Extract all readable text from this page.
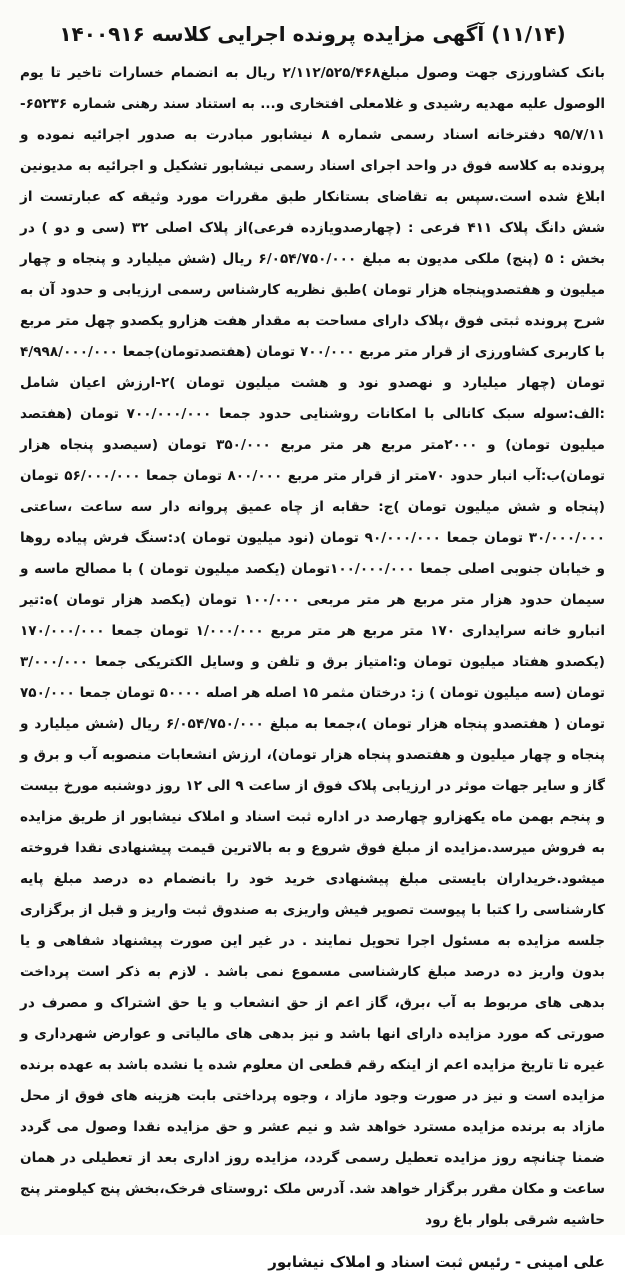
(۱۱/۱۴) آگهی مزایده پرونده اجرایی کلاسه ۱۴۰۰۹۱۶

بانک کشاورزی جهت وصول مبلغ۲/۱۱۲/۵۲۵/۴۶۸ ریال به انضمام خسارات تاخیر تا یوم الوصول علیه مهدیه رشیدی و غلامعلی افتخاری و... به استناد سند رهنی شماره ۶۵۲۳۶- ۹۵/۷/۱۱ دفترخانه اسناد رسمی شماره ۸ نیشابور مبادرت به صدور اجرائیه نموده و پرونده به کلاسه فوق در واحد اجرای اسناد رسمی نیشابور تشکیل و اجرائیه به مدیونین ابلاغ شده است.سپس به تقاضای بستانکار طبق مقررات مورد وثیقه که عبارتست از شش دانگ پلاک ۴۱۱ فرعی : (چهارصدویازده فرعی)از پلاک اصلی ۳۲ (سی و دو ) در بخش : ۵ (پنج) ملکی مدیون به مبلغ ۶/۰۵۴/۷۵۰/۰۰۰ ریال (شش میلیارد و پنجاه و چهار میلیون و هفتصدوپنجاه هزار تومان )طبق نظریه کارشناس رسمی ارزیابی و حدود آن به شرح پرونده ثبتی فوق ،پلاک دارای مساحت به مقدار هفت هزارو یکصدو چهل متر مربع با کاربری کشاورزی از قرار متر مربع ۷۰۰/۰۰۰ تومان (هفتصدتومان)جمعا ۴/۹۹۸/۰۰۰/۰۰۰ تومان (چهار میلیارد و نهصدو نود و هشت میلیون تومان )۲-ارزش اعیان شامل :الف:سوله سبک کانالی با امکانات روشنایی حدود جمعا ۷۰۰/۰۰۰/۰۰۰ تومان (هفتصد میلیون تومان) و ۲۰۰۰متر مربع هر متر مربع ۳۵۰/۰۰۰ تومان (سیصدو پنجاه هزار تومان)ب:آب انبار حدود ۷۰متر از قرار متر مربع ۸۰۰/۰۰۰ تومان جمعا ۵۶/۰۰۰/۰۰۰ تومان (پنجاه و شش میلیون تومان )ج: حقابه از چاه عمیق پروانه دار سه ساعت ،ساعتی ۳۰/۰۰۰/۰۰۰ تومان جمعا ۹۰/۰۰۰/۰۰۰ تومان (نود میلیون تومان )د:سنگ فرش پیاده روها و خیابان جنوبی اصلی جمعا ۱۰۰/۰۰۰/۰۰۰تومان (یکصد میلیون تومان ) با مصالح ماسه و سیمان حدود هزار متر مربع هر متر مربعی ۱۰۰/۰۰۰ تومان (یکصد هزار تومان )ه:تیر انبارو خانه سرایداری ۱۷۰ متر مربع هر متر مربع ۱/۰۰۰/۰۰۰ تومان جمعا ۱۷۰/۰۰۰/۰۰۰ (یکصدو هفتاد میلیون تومان و:امتیاز برق و تلفن و وسایل الکتریکی جمعا ۳/۰۰۰/۰۰۰ تومان (سه میلیون تومان ) ز: درختان مثمر ۱۵ اصله هر اصله ۵۰۰۰۰ تومان جمعا ۷۵۰/۰۰۰ تومان ( هفتصدو پنجاه هزار تومان )،جمعا به مبلغ ۶/۰۵۴/۷۵۰/۰۰۰ ریال (شش میلیارد و پنجاه و چهار میلیون و هفتصدو پنجاه هزار تومان)، ارزش انشعابات منصوبه آب و برق و گاز و سایر جهات موثر در ارزیابی پلاک فوق از ساعت ۹ الی ۱۲ روز دوشنبه مورخ بیست و پنجم بهمن ماه یکهزارو چهارصد در اداره ثبت اسناد و املاک نیشابور از طریق مزایده به فروش میرسد.مزایده از مبلغ فوق شروع و به بالاترین قیمت پیشنهادی نقدا فروخته میشود.خریداران بایستی مبلغ پیشنهادی خرید خود را بانضمام ده درصد مبلغ پایه کارشناسی را کتبا با پیوست تصویر فیش واریزی به صندوق ثبت واریز و قبل از برگزاری جلسه مزایده به مسئول اجرا تحویل نمایند . در غیر این صورت پیشنهاد شفاهی و یا بدون واریز ده درصد مبلغ کارشناسی مسموع نمی باشد . لازم به ذکر است پرداخت بدهی های مربوط به آب ،برق، گاز اعم از حق انشعاب و یا حق اشتراک و مصرف در صورتی که مورد مزایده دارای انها باشد و نیز بدهی های مالیاتی و عوارض شهرداری و غیره تا تاریخ مزایده اعم از اینکه رقم قطعی ان معلوم شده یا نشده باشد به عهده برنده مزایده است و نیز در صورت وجود مازاد ، وجوه پرداختی بابت هزینه های فوق از محل مازاد به برنده مزایده مسترد خواهد شد و نیم عشر و حق مزایده نقدا وصول می گردد ضمنا چنانچه روز مزایده تعطیل رسمی گردد، مزایده روز اداری بعد از تعطیلی در همان ساعت و مکان مقرر برگزار خواهد شد. آدرس ملک :روستای فرخک،بخش پنج کیلومتر پنج حاشیه شرقی بلوار باغ رود

علی امینی - رئیس ثبت اسناد و املاک نیشابور
